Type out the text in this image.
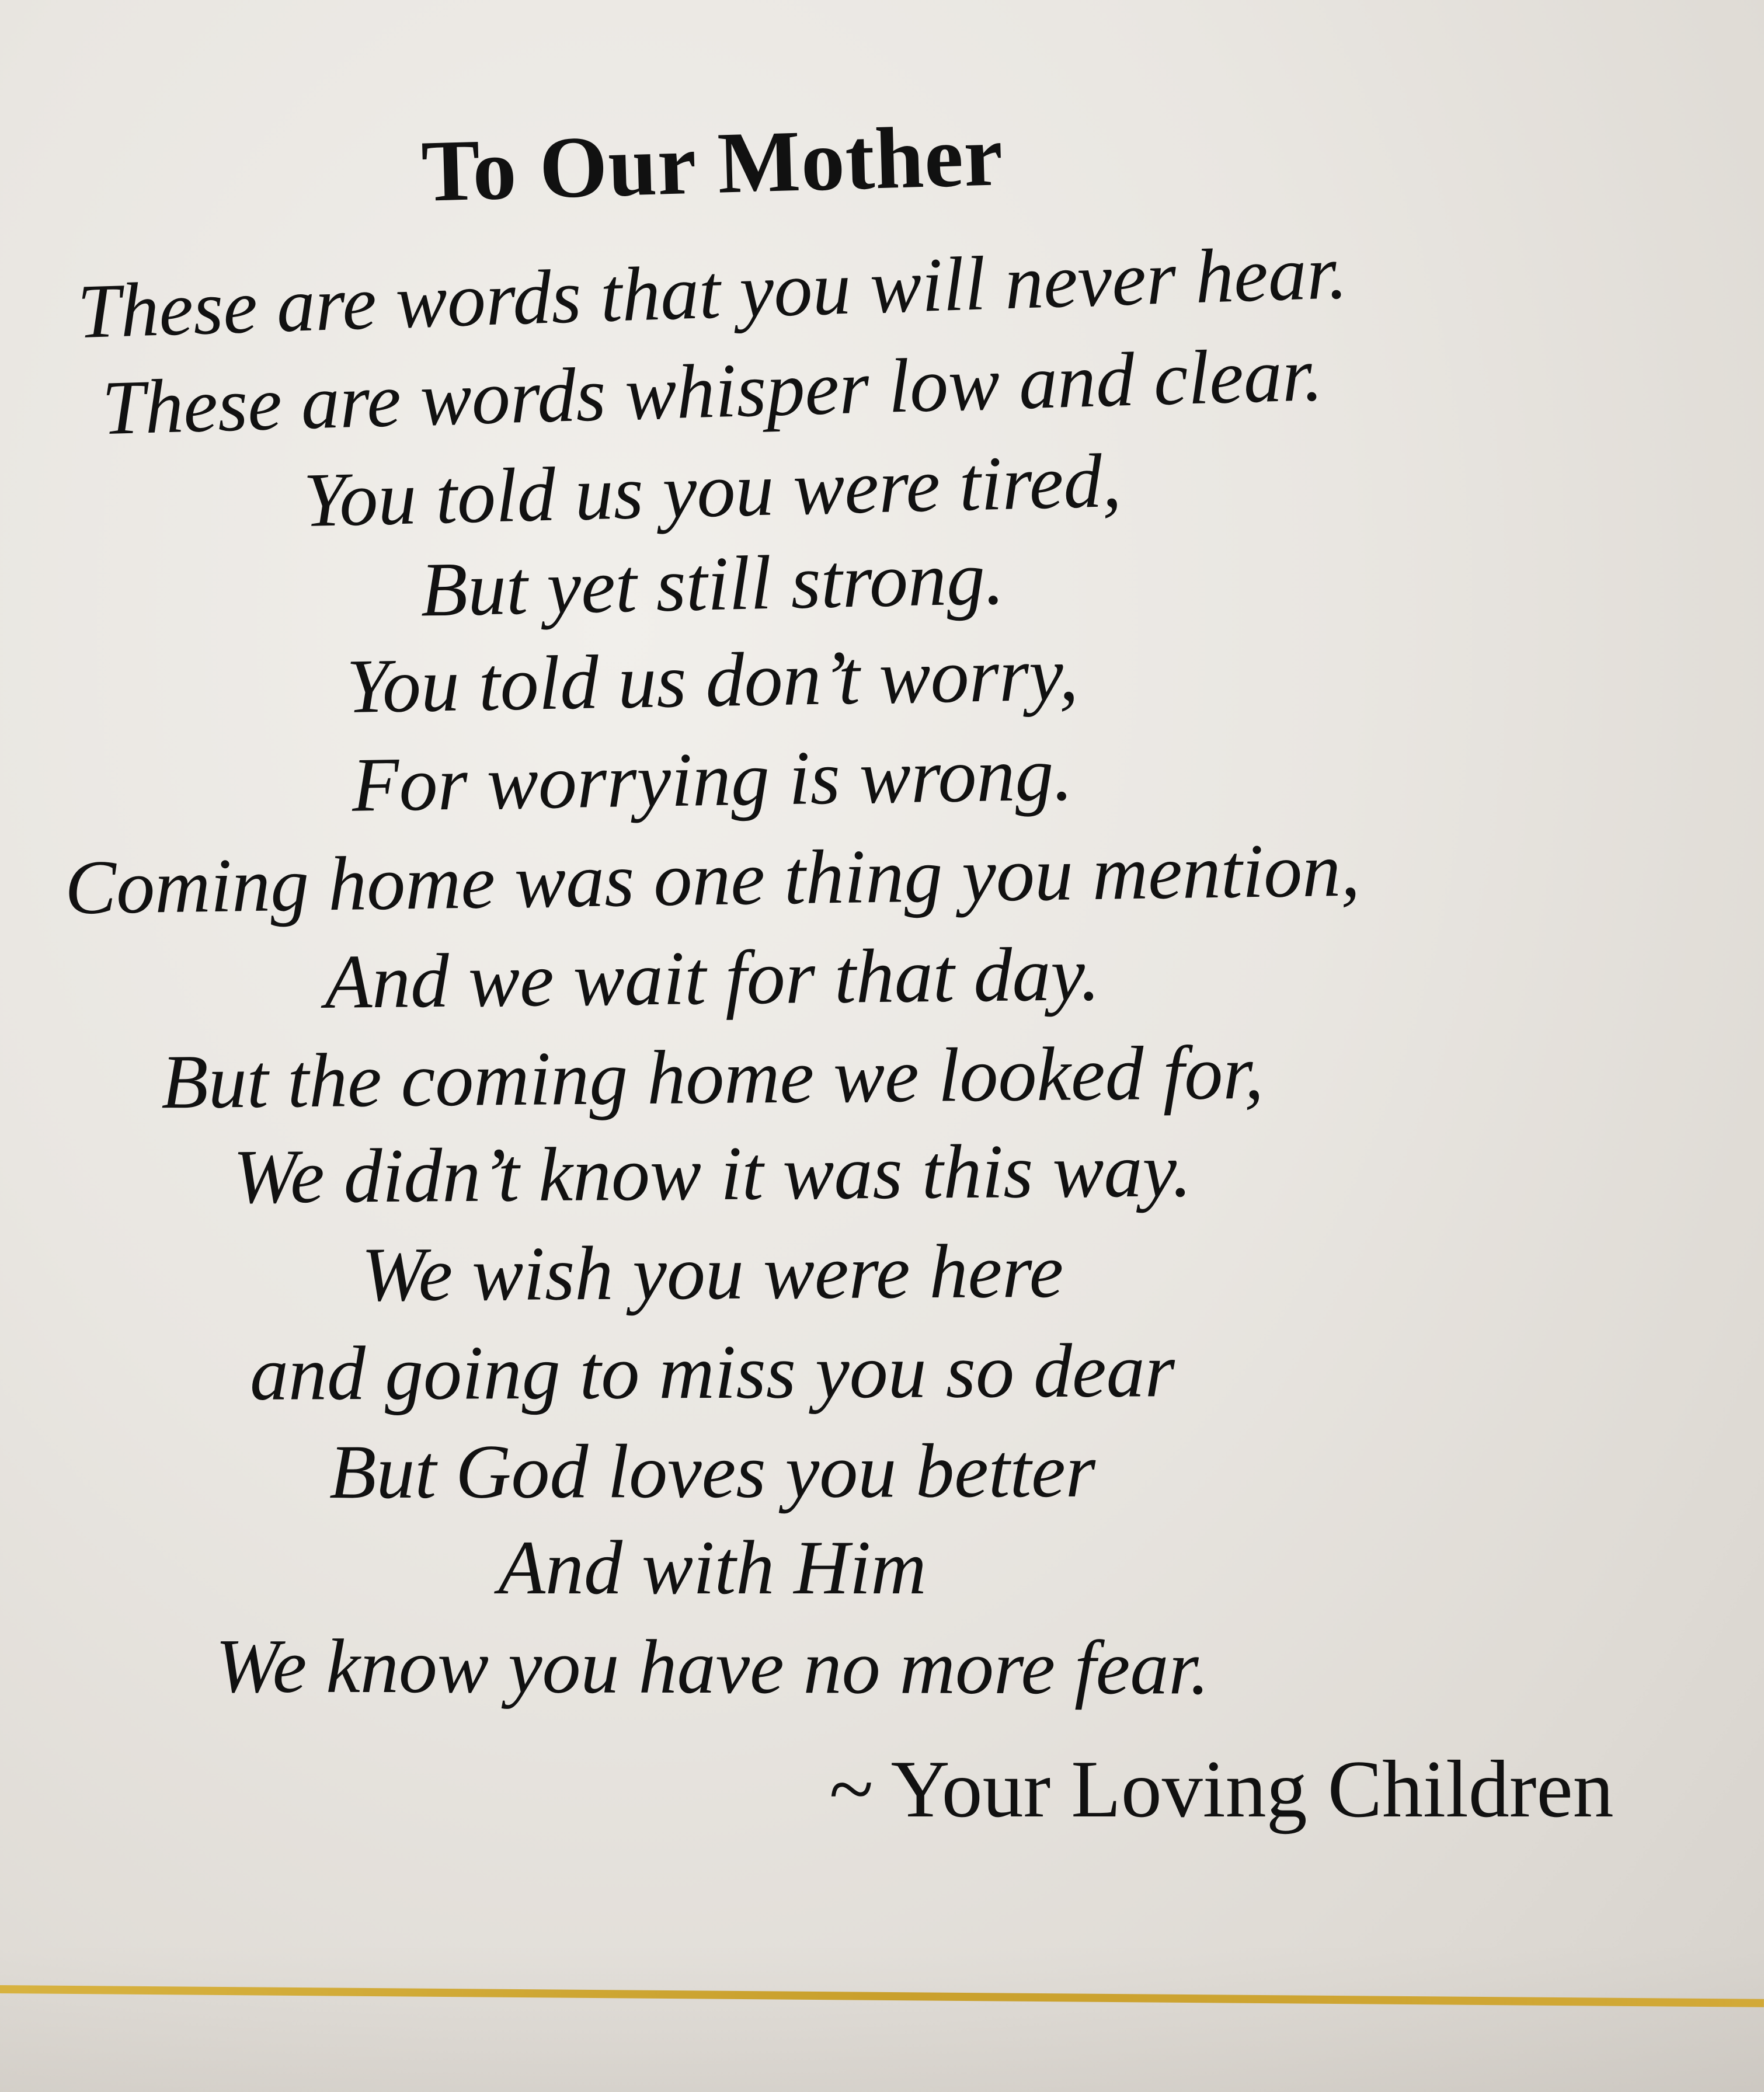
To Our Mother
These are words that you will never hear.
These are words whisper low and clear.
You told us you were tired,
But yet still strong.
You told us don’t worry,
For worrying is wrong.
Coming home was one thing you mention,
And we wait for that day.
But the coming home we looked for,
We didn’t know it was this way.
We wish you were here
and going to miss you so dear
But God loves you better
And with Him
We know you have no more fear.
~ Your Loving Children
